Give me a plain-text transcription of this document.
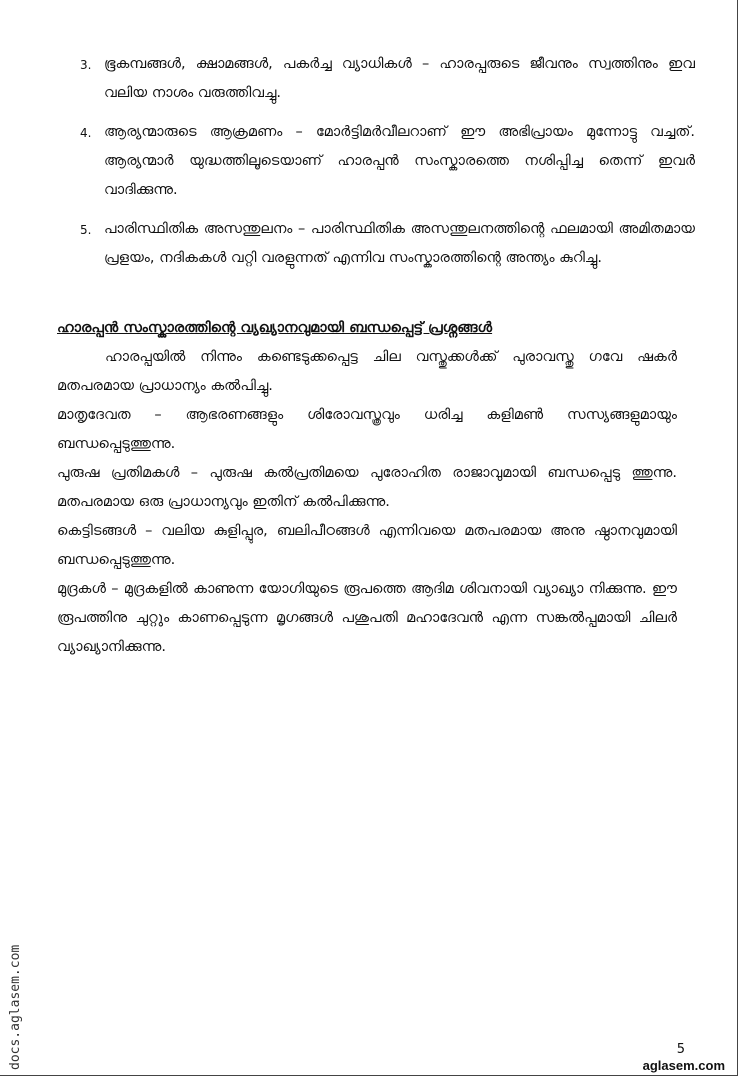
3. ഭൂകമ്പങ്ങൾ, ക്ഷാമങ്ങൾ, പകർച്ച വ്യാധികൾ – ഹാരപ്പരുടെ ജീവനും സ്വത്തിനും ഇവ വലിയ നാശം വരുത്തിവച്ചു.
4. ആര്യന്മാരുടെ ആക്രമണം – മോർട്ടിമർവീലറാണ് ഈ അഭിപ്രായം മുന്നോട്ടു വച്ചത്. ആര്യന്മാർ യുദ്ധത്തിലൂടെയാണ് ഹാരപ്പൻ സംസ്കാരത്തെ നശിപ്പിച്ച തെന്ന് ഇവർ വാദിക്കുന്നു.
5. പാരിസ്ഥിതിക അസന്തുലനം – പാരിസ്ഥിതിക അസന്തുലനത്തിന്റെ ഫലമായി അമിതമായ പ്രളയം, നദികകൾ വറ്റി വരളുന്നത് എന്നിവ സംസ്കാരത്തിന്റെ അന്ത്യം കുറിച്ചു.
ഹാരപ്പൻ സംസ്കാരത്തിന്റെ വ്യഖ്യാനവുമായി ബന്ധപ്പെട്ട് പ്രശ്നങ്ങൾ

ഹാരപ്പയിൽ നിന്നും കണ്ടെടുക്കപ്പെട്ട ചില വസ്തുക്കൾക്ക് പുരാവസ്തു ഗവേ ഷകർ മതപരമായ പ്രാധാന്യം കൽപിച്ചു.

മാതൃദേവത – ആഭരണങ്ങളും ശിരോവസ്ത്രവും ധരിച്ച കളിമൺ സസ്യങ്ങളുമായും ബന്ധപ്പെടുത്തുന്നു.

പുരുഷ പ്രതിമകൾ – പുരുഷ കൽപ്രതിമയെ പുരോഹിത രാജാവുമായി ബന്ധപ്പെടു ത്തുന്നു. മതപരമായ ഒരു പ്രാധാന്യവും ഇതിന് കൽപിക്കുന്നു.

കെട്ടിടങ്ങൾ – വലിയ കുളിപ്പുര, ബലിപീഠങ്ങൾ എന്നിവയെ മതപരമായ അനു ഷ്ഠാനവുമായി ബന്ധപ്പെടുത്തുന്നു.

മുദ്രകൾ – മുദ്രകളിൽ കാണുന്ന യോഗിയുടെ രൂപത്തെ ആദിമ ശിവനായി വ്യാഖ്യാ നിക്കുന്നു. ഈ രൂപത്തിനു ചുറ്റും കാണപ്പെടുന്ന മൃഗങ്ങൾ പശുപതി മഹാദേവൻ എന്ന സങ്കൽപ്പമായി ചിലർ വ്യാഖ്യാനിക്കുന്നു.

docs.aglasem.com	5
aglasem.com
